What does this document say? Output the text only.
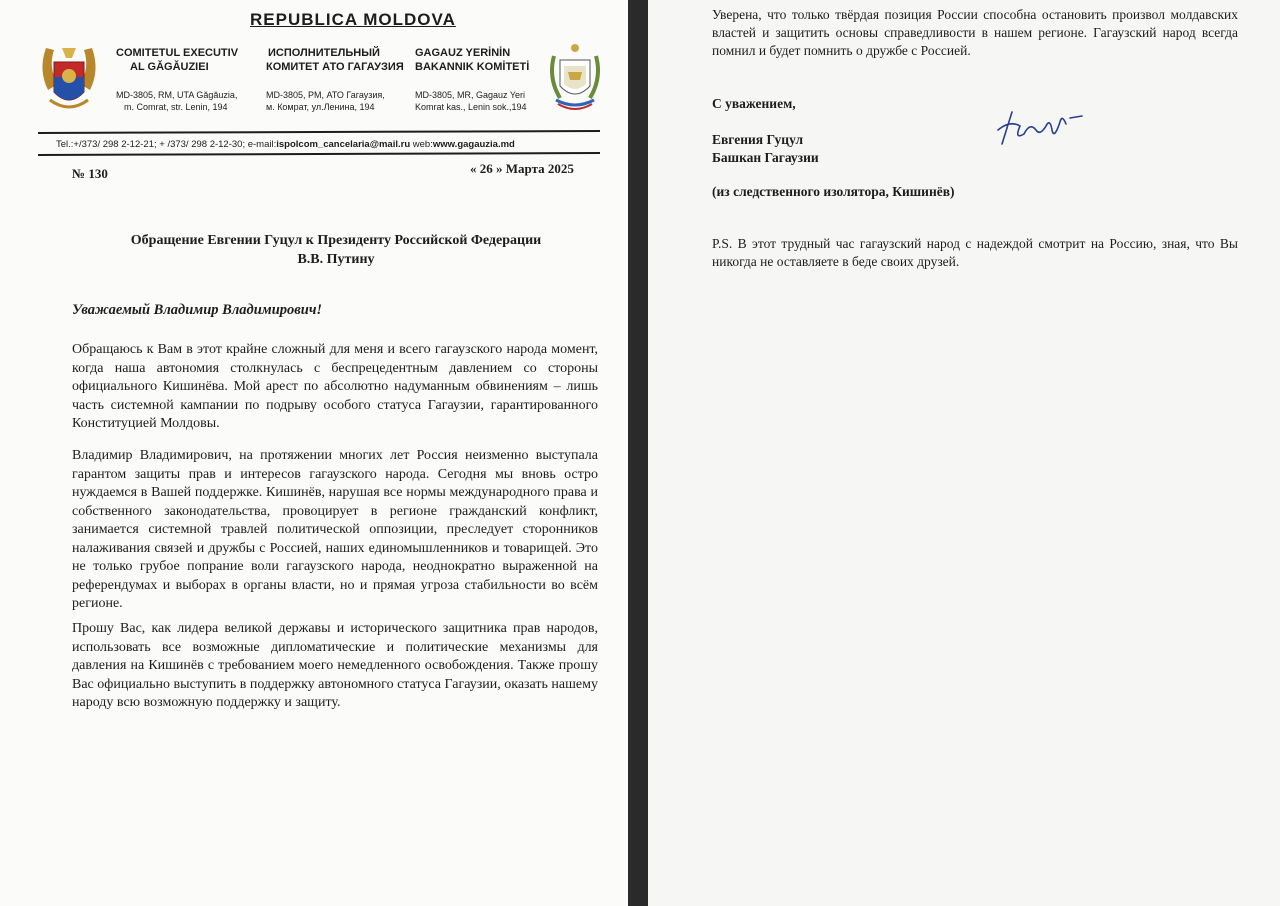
REPUBLICA MOLDOVA
COMITETUL EXECUTIV
AL GĂGĂUZIEI
MD-3805, RM, UTA Găgăuzia,
m. Comrat, str. Lenin, 194
ИСПОЛНИТЕЛЬНЫЙ
КОМИТЕТ АТО ГАГАУЗИЯ
MD-3805, PM, АТО Гагаузия,
м. Комрат, ул.Ленина, 194
GAGAUZ YERİNİN
BAKANNIK KOMİTETİ
MD-3805, MR, Gagauz Yeri
Komrat kas., Lenin sok.,194
Tel.:+/373/ 298 2-12-21; + /373/ 298 2-12-30; e-mail:ispolcom_cancelaria@mail.ru web:www.gagauzia.md
№ 130	« 26 » Марта 2025
Обращение Евгении Гуцул к Президенту Российской Федерации
В.В. Путину
Уважаемый Владимир Владимирович!

Обращаюсь к Вам в этот крайне сложный для меня и всего гагаузского народа момент, когда наша автономия столкнулась с беспрецедентным давлением со стороны официального Кишинёва. Мой арест по абсолютно надуманным обвинениям – лишь часть системной кампании по подрыву особого статуса Гагаузии, гарантированного Конституцией Молдовы.

Владимир Владимирович, на протяжении многих лет Россия неизменно выступала гарантом защиты прав и интересов гагаузского народа. Сегодня мы вновь остро нуждаемся в Вашей поддержке. Кишинёв, нарушая все нормы международного права и собственного законодательства, провоцирует в регионе гражданский конфликт, занимается системной травлей политической оппозиции, преследует сторонников налаживания связей и дружбы с Россией, наших единомышленников и товарищей. Это не только грубое попрание воли гагаузского народа, неоднократно выраженной на референдумах и выборах в органы власти, но и прямая угроза стабильности во всём регионе.

Прошу Вас, как лидера великой державы и исторического защитника прав народов, использовать все возможные дипломатические и политические механизмы для давления на Кишинёв с требованием моего немедленного освобождения. Также прошу Вас официально выступить в поддержку автономного статуса Гагаузии, оказать нашему народу всю возможную поддержку и защиту.

Уверена, что только твёрдая позиция России способна остановить произвол молдавских властей и защитить основы справедливости в нашем регионе. Гагаузский народ всегда помнил и будет помнить о дружбе с Россией.

С уважением,
Евгения Гуцул
Башкан Гагаузии
(из следственного изолятора, Кишинёв)

P.S. В этот трудный час гагаузский народ с надеждой смотрит на Россию, зная, что Вы никогда не оставляете в беде своих друзей.
